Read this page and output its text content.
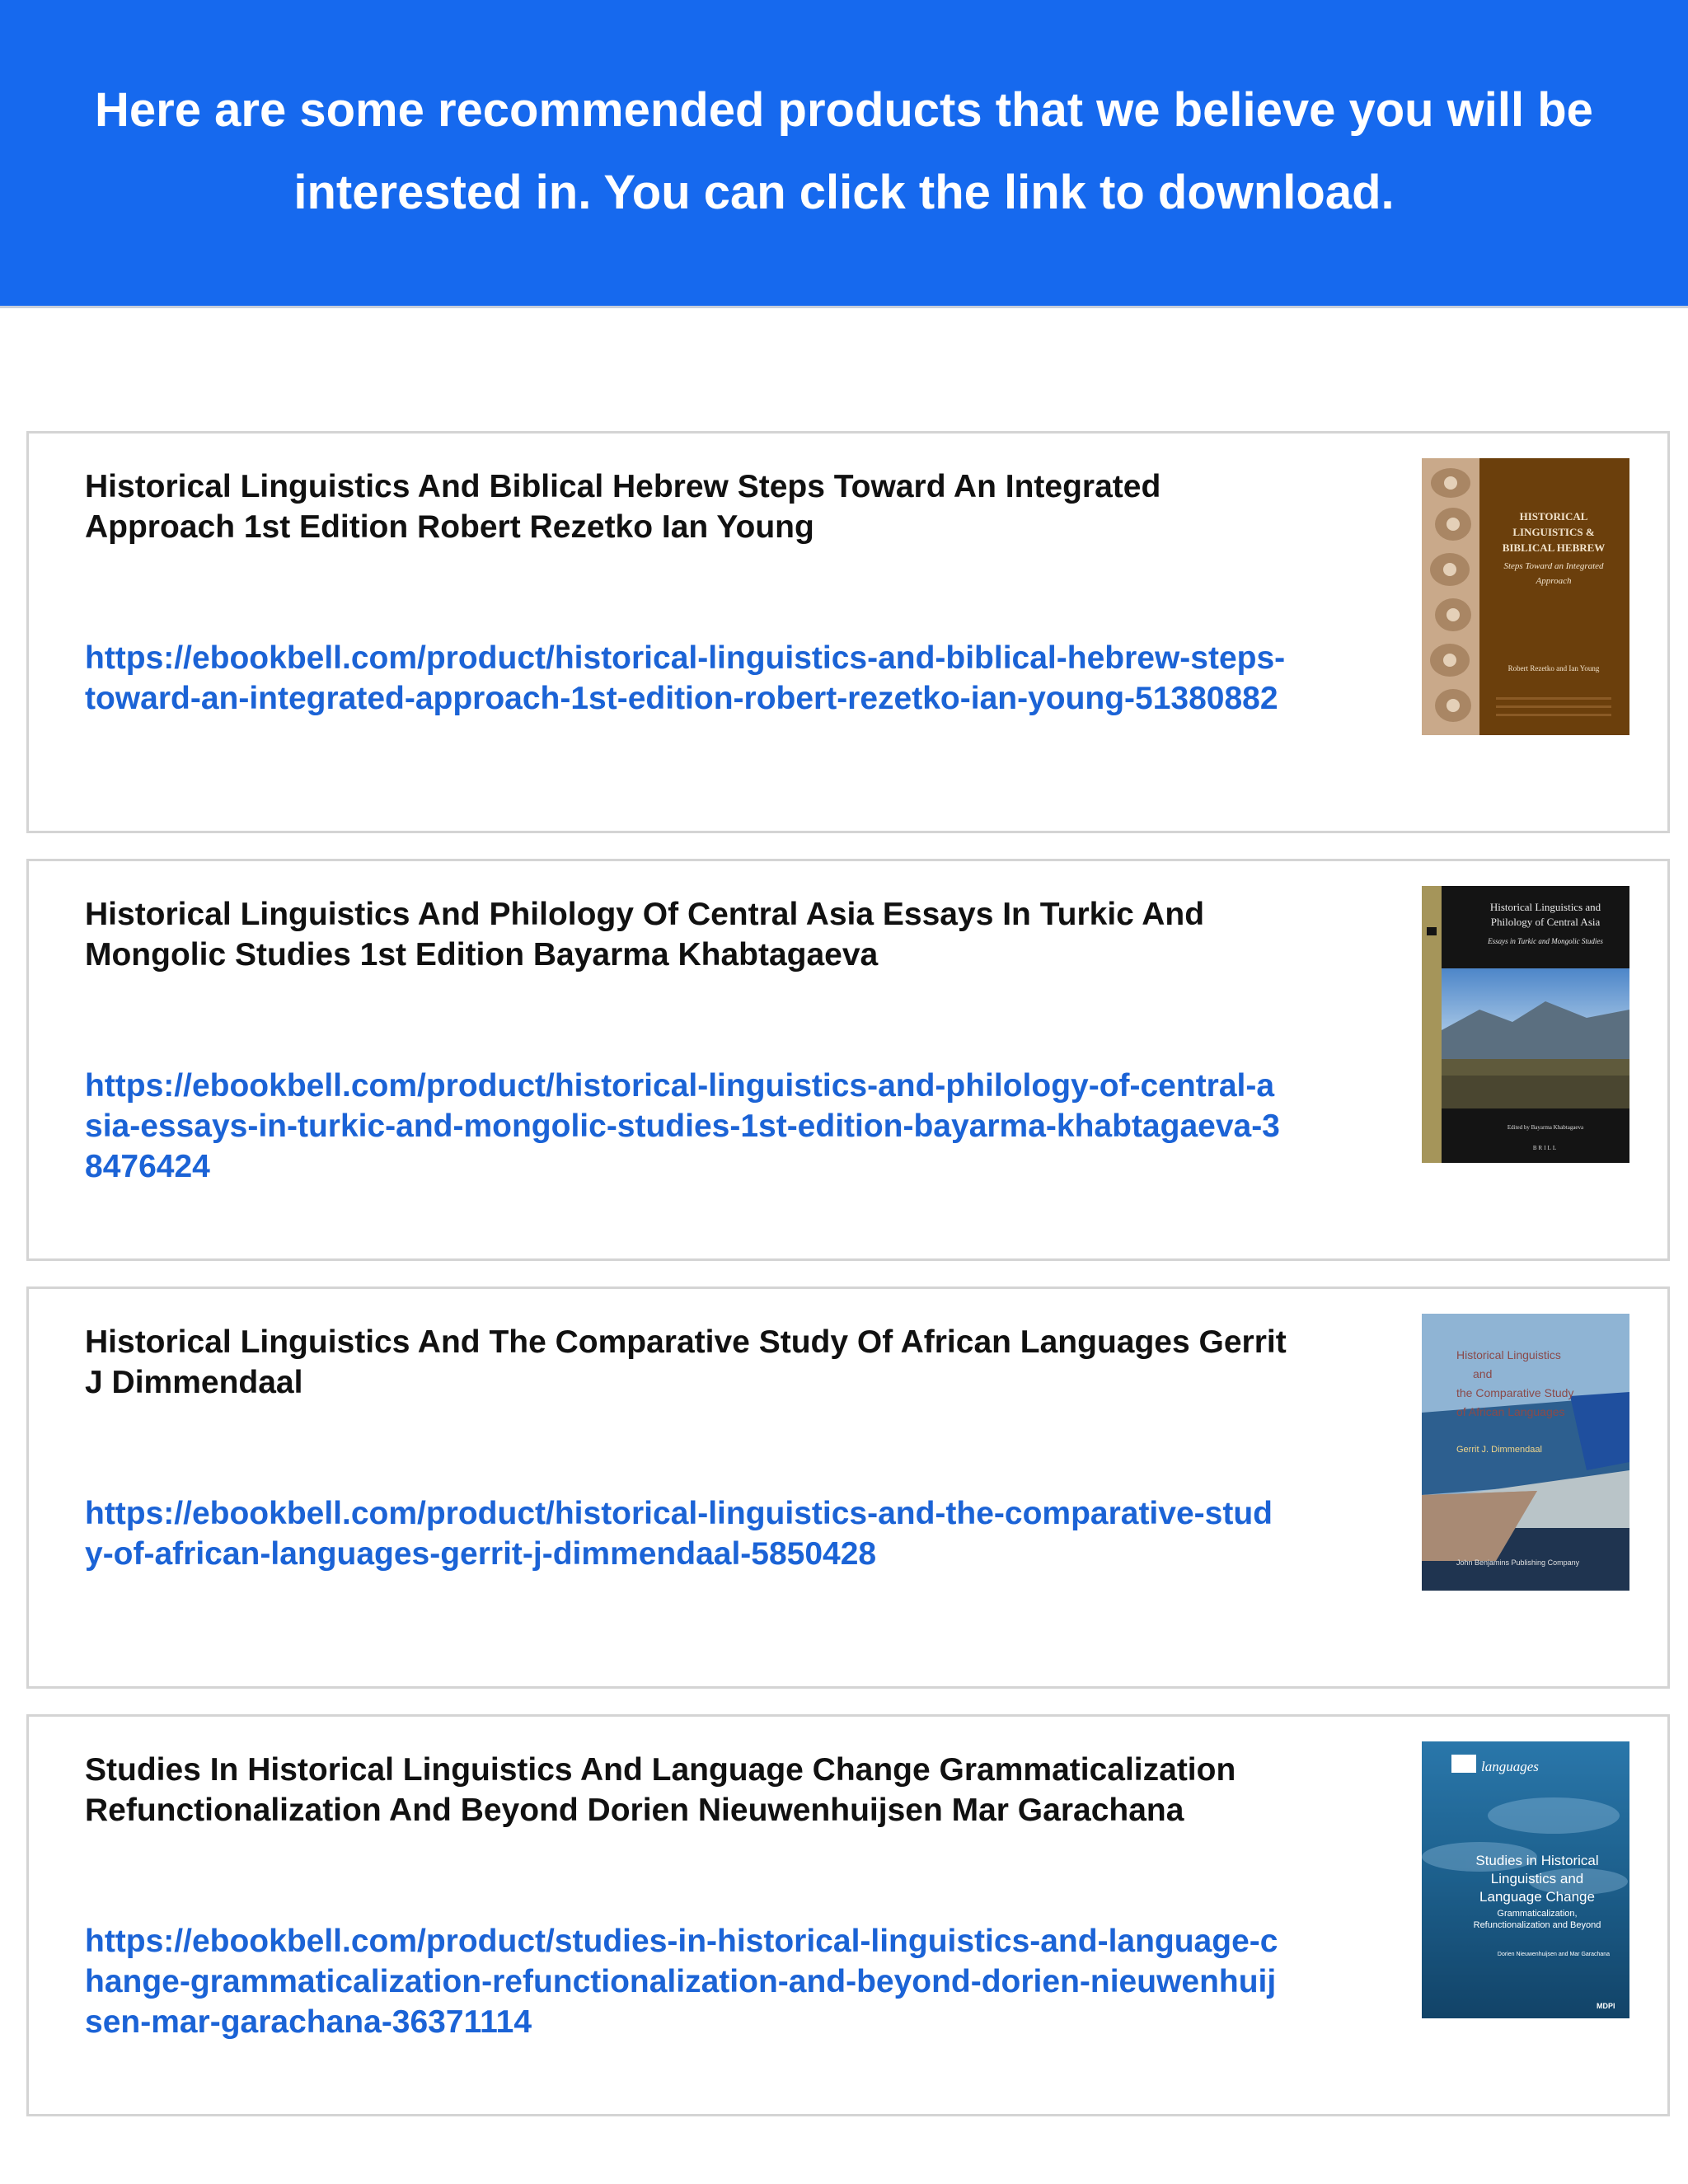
Here are some recommended products that we believe you will be interested in. You can click the link to download.
Historical Linguistics And Biblical Hebrew Steps Toward An Integrated Approach 1st Edition Robert Rezetko Ian Young
https://ebookbell.com/product/historical-linguistics-and-biblical-hebrew-steps-toward-an-integrated-approach-1st-edition-robert-rezetko-ian-young-51380882
HISTORICAL
LINGUISTICS &
BIBLICAL HEBREW
Steps Toward an Integrated
Approach
Robert Rezetko and Ian Young
Historical Linguistics And Philology Of Central Asia Essays In Turkic And Mongolic Studies 1st Edition Bayarma Khabtagaeva
https://ebookbell.com/product/historical-linguistics-and-philology-of-central-asia-essays-in-turkic-and-mongolic-studies-1st-edition-bayarma-khabtagaeva-38476424
Historical Linguistics and
Philology of Central Asia
Essays in Turkic and Mongolic Studies
Edited by Bayarma Khabtagaeva
BRILL
Historical Linguistics And The Comparative Study Of African Languages Gerrit J Dimmendaal
https://ebookbell.com/product/historical-linguistics-and-the-comparative-study-of-african-languages-gerrit-j-dimmendaal-5850428
Historical Linguistics
and
the Comparative Study
of African Languages
Gerrit J. Dimmendaal
John Benjamins Publishing Company
Studies In Historical Linguistics And Language Change Grammaticalization Refunctionalization And Beyond Dorien Nieuwenhuijsen Mar Garachana
https://ebookbell.com/product/studies-in-historical-linguistics-and-language-change-grammaticalization-refunctionalization-and-beyond-dorien-nieuwenhuijsen-mar-garachana-36371114
languages
Studies in Historical
Linguistics and
Language Change
Grammaticalization,
Refunctionalization and Beyond
Dorien Nieuwenhuijsen and Mar Garachana
MDPI
